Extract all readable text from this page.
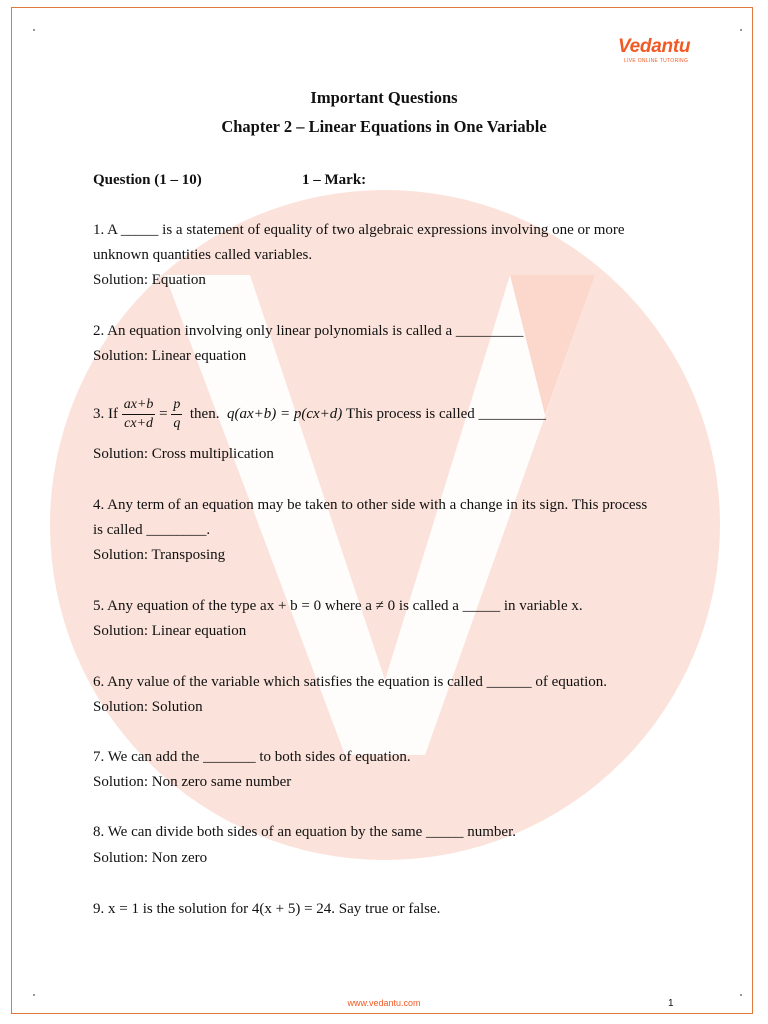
Vedantu
LIVE ONLINE TUTORING
Important Questions
Chapter 2 – Linear Equations in One Variable
Question (1 – 10)	1 – Mark:
1. A _____ is a statement of equality of two algebraic expressions involving one or more
unknown quantities called variables.
Solution: Equation
2. An equation involving only linear polynomials is called a _________
Solution: Linear equation
3. If
$\frac{ax+b}{cx+d}$
=
$\frac{p}{q}$
then.
q(ax+b) = p(cx+d)
This process is called _________
Solution: Cross multiplication
4. Any term of an equation may be taken to other side with a change in its sign. This process
is called ________.
Solution: Transposing
5. Any equation of the type ax + b = 0 where a ≠ 0 is called a _____ in variable x.
Solution: Linear equation
6. Any value of the variable which satisfies the equation is called ______ of equation.
Solution: Solution
7. We can add the _______ to both sides of equation.
Solution: Non zero same number
8. We can divide both sides of an equation by the same _____ number.
Solution: Non zero
9. x = 1 is the solution for 4(x + 5) = 24. Say true or false.
www.vedantu.com	1
